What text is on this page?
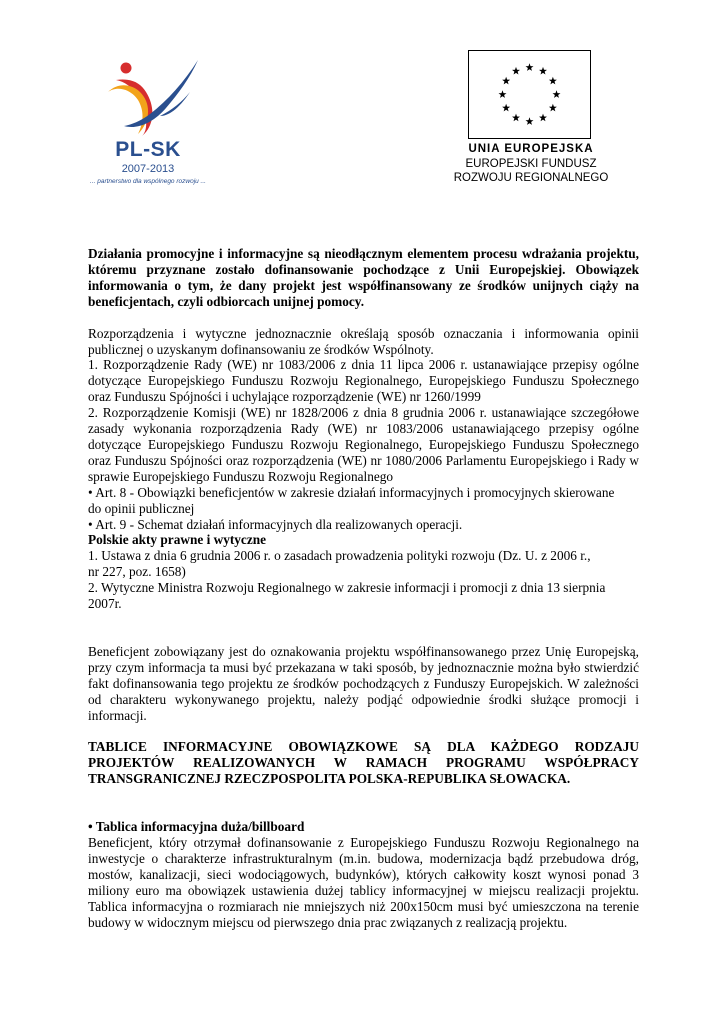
PL-SK
2007-2013
... partnerstwo dla wspólnego rozwoju ...
UNIA EUROPEJSKA
EUROPEJSKI FUNDUSZ
ROZWOJU REGIONALNEGO

Działania promocyjne i informacyjne są nieodłącznym elementem procesu wdrażania projektu, któremu przyznane zostało dofinansowanie pochodzące z Unii Europejskiej. Obowiązek informowania o tym, że dany projekt jest współfinansowany ze środków unijnych ciąży na beneficjentach, czyli odbiorcach unijnej pomocy.

Rozporządzenia i wytyczne jednoznacznie określają sposób oznaczania i informowania opinii publicznej o uzyskanym dofinansowaniu ze środków Wspólnoty.

1. Rozporządzenie Rady (WE) nr 1083/2006 z dnia 11 lipca 2006 r. ustanawiające przepisy ogólne dotyczące Europejskiego Funduszu Rozwoju Regionalnego, Europejskiego Funduszu Społecznego oraz Funduszu Spójności i uchylające rozporządzenie (WE) nr 1260/1999

2. Rozporządzenie Komisji (WE) nr 1828/2006 z dnia 8 grudnia 2006 r. ustanawiające szczegółowe zasady wykonania rozporządzenia Rady (WE) nr 1083/2006 ustanawiającego przepisy ogólne dotyczące Europejskiego Funduszu Rozwoju Regionalnego, Europejskiego Funduszu Społecznego oraz Funduszu Spójności oraz rozporządzenia (WE) nr 1080/2006 Parlamentu Europejskiego i Rady w sprawie Europejskiego Funduszu Rozwoju Regionalnego

• Art. 8 - Obowiązki beneficjentów w zakresie działań informacyjnych i promocyjnych skierowane

do opinii publicznej

• Art. 9 - Schemat działań informacyjnych dla realizowanych operacji.

Polskie akty prawne i wytyczne

1. Ustawa z dnia 6 grudnia 2006 r. o zasadach prowadzenia polityki rozwoju (Dz. U. z 2006 r.,

nr 227, poz. 1658)

2. Wytyczne Ministra Rozwoju Regionalnego w zakresie informacji i promocji z dnia 13 sierpnia

2007r.

Beneficjent zobowiązany jest do oznakowania projektu współfinansowanego przez Unię Europejską, przy czym informacja ta musi być przekazana w taki sposób, by jednoznacznie można było stwierdzić fakt dofinansowania tego projektu ze środków pochodzących z Funduszy Europejskich. W zależności od charakteru wykonywanego projektu, należy podjąć odpowiednie środki służące promocji i informacji.

TABLICE INFORMACYJNE OBOWIĄZKOWE SĄ DLA KAŻDEGO RODZAJU PROJEKTÓW REALIZOWANYCH W RAMACH PROGRAMU WSPÓŁPRACY TRANSGRANICZNEJ RZECZPOSPOLITA POLSKA-REPUBLIKA SŁOWACKA.

• Tablica informacyjna duża/billboard

Beneficjent, który otrzymał dofinansowanie z Europejskiego Funduszu Rozwoju Regionalnego na inwestycje o charakterze infrastrukturalnym (m.in. budowa, modernizacja bądź przebudowa dróg, mostów, kanalizacji, sieci wodociągowych, budynków), których całkowity koszt wynosi ponad 3 miliony euro ma obowiązek ustawienia dużej tablicy informacyjnej w miejscu realizacji projektu. Tablica informacyjna o rozmiarach nie mniejszych niż 200x150cm musi być umieszczona na terenie budowy w widocznym miejscu od pierwszego dnia prac związanych z realizacją projektu.
